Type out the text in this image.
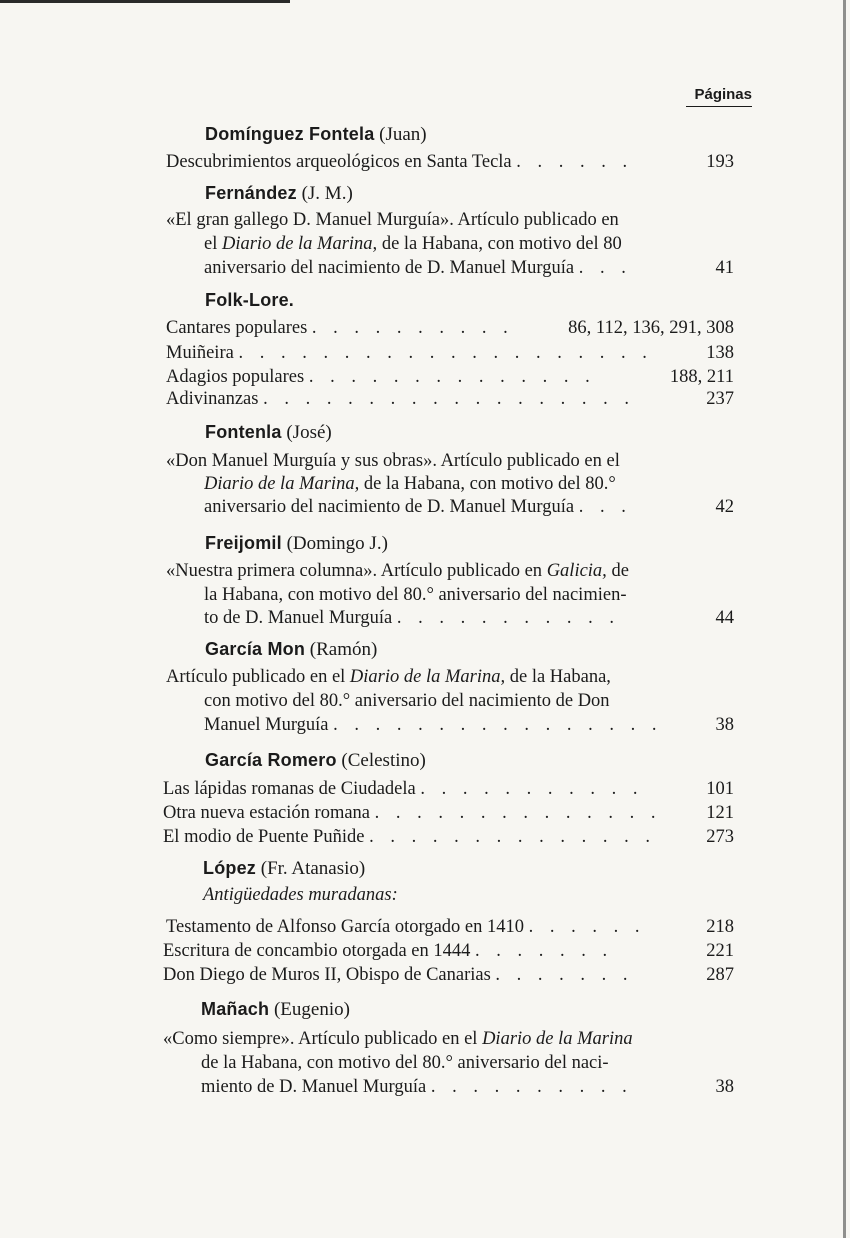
Páginas
Domínguez Fontela (Juan)
Descubrimientos arqueológicos en Santa Tecla . . . . . .	193
Fernández (J. M.)
«El gran gallego D. Manuel Murguía». Artículo publicado en
el Diario de la Marina, de la Habana, con motivo del 80
aniversario del nacimiento de D. Manuel Murguía . . .	41
Folk-Lore.
Cantares populares . . . . . . . . . .	86, 112, 136, 291, 308
Muiñeira . . . . . . . . . . . . . . . . . . . .	138
Adagios populares . . . . . . . . . . . . . .	188, 211
Adivinanzas . . . . . . . . . . . . . . . . . .	237
Fontenla (José)
«Don Manuel Murguía y sus obras». Artículo publicado en el
Diario de la Marina, de la Habana, con motivo del 80.°
aniversario del nacimiento de D. Manuel Murguía . . .	42
Freijomil (Domingo J.)
«Nuestra primera columna». Artículo publicado en Galicia, de
la Habana, con motivo del 80.° aniversario del nacimien-
to de D. Manuel Murguía . . . . . . . . . . .	44
García Mon (Ramón)
Artículo publicado en el Diario de la Marina, de la Habana,
con motivo del 80.° aniversario del nacimiento de Don
Manuel Murguía . . . . . . . . . . . . . . . .	38
García Romero (Celestino)
Las lápidas romanas de Ciudadela . . . . . . . . . . .	101
Otra nueva estación romana . . . . . . . . . . . . . .	121
El modio de Puente Puñide . . . . . . . . . . . . . .	273
López (Fr. Atanasio)
Antigüedades muradanas:
Testamento de Alfonso García otorgado en 1410 . . . . . .	218
Escritura de concambio otorgada en 1444 . . . . . . .	221
Don Diego de Muros II, Obispo de Canarias . . . . . . .	287
Mañach (Eugenio)
«Como siempre». Artículo publicado en el Diario de la Marina
de la Habana, con motivo del 80.° aniversario del naci-
miento de D. Manuel Murguía . . . . . . . . . .	38
